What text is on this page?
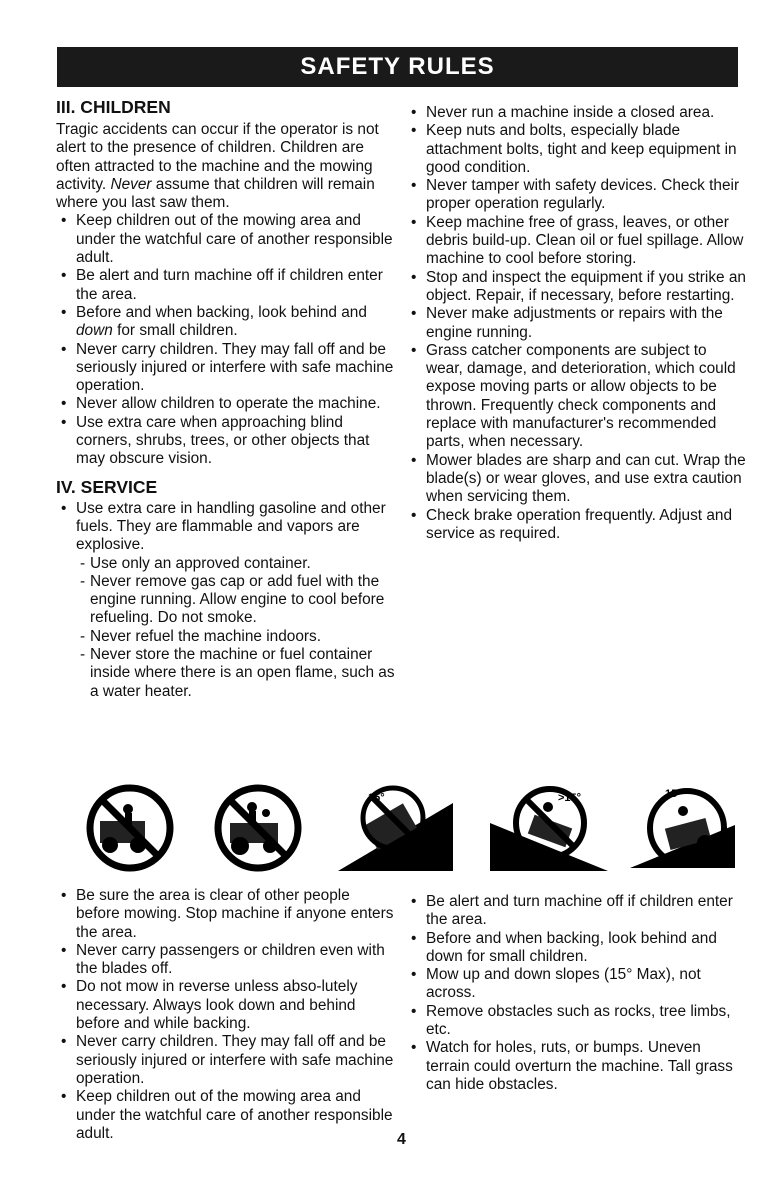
SAFETY RULES
III. CHILDREN

Tragic accidents can occur if the operator is not alert to the presence of children. Children are often attracted to the machine and the mowing activity. Never assume that children will remain where you last saw them.

• Keep children out of the mowing area and under the watchful care of another responsible adult.
• Be alert and turn machine off if children enter the area.
• Before and when backing, look behind and down for small children.
• Never carry children. They may fall off and be seriously injured or interfere with safe machine operation.
• Never allow children to operate the machine.
• Use extra care when approaching blind corners, shrubs, trees, or other objects that may obscure vision.
IV. SERVICE
• Use extra care in handling gasoline and other fuels. They are flammable and vapors are explosive.
- Use only an approved container.
- Never remove gas cap or add fuel with the engine running. Allow engine to cool before refueling. Do not smoke.
- Never refuel the machine indoors.
- Never store the machine or fuel container inside where there is an open flame, such as a water heater.
• Never run a machine inside a closed area.
• Keep nuts and bolts, especially blade attachment bolts, tight and keep equipment in good condition.
• Never tamper with safety devices. Check their proper operation regularly.
• Keep machine free of grass, leaves, or other debris build-up. Clean oil or fuel spillage. Allow machine to cool before storing.
• Stop and inspect the equipment if you strike an object. Repair, if necessary, before restarting.
• Never make adjustments or repairs with the engine running.
• Grass catcher components are subject to wear, damage, and deterioration, which could expose moving parts or allow objects to be thrown. Frequently check components and replace with manufacturer's recommended parts, when necessary.
• Mower blades are sharp and can cut. Wrap the blade(s) or wear gloves, and use extra caution when servicing them.
• Check brake operation frequently. Adjust and service as required.
15°	>15°	15°
• Be sure the area is clear of other people before mowing. Stop machine if anyone enters the area.
• Never carry passengers or children even with the blades off.
• Do not mow in reverse unless abso-lutely necessary. Always look down and behind before and while backing.
• Never carry children. They may fall off and be seriously injured or interfere with safe machine operation.
• Keep children out of the mowing area and under the watchful care of another responsible adult.
• Be alert and turn machine off if children enter the area.
• Before and when backing, look behind and down for small children.
• Mow up and down slopes (15° Max), not across.
• Remove obstacles such as rocks, tree limbs, etc.
• Watch for holes, ruts, or bumps. Uneven terrain could overturn the machine. Tall grass can hide obstacles.
4
